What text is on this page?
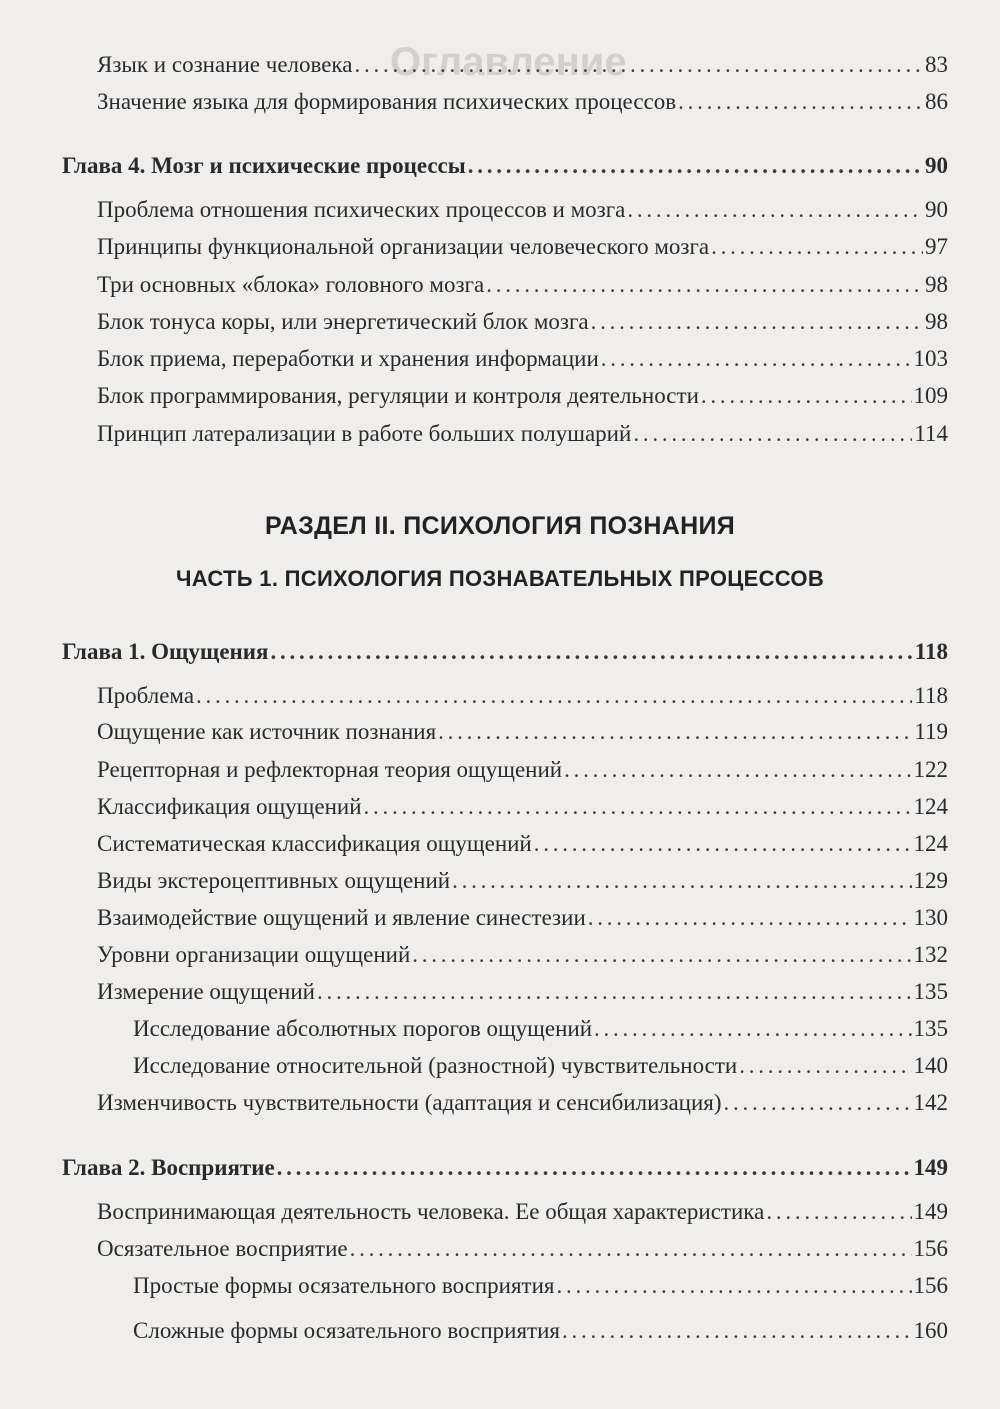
Оглавление
Язык и сознание человека . . .	83
Значение языка для формирования психических процессов . . .	86
Глава 4. Мозг и психические процессы . . .	90
Проблема отношения психических процессов и мозга . . .	90
Принципы функциональной организации человеческого мозга . . .	97
Три основных «блока» головного мозга . . .	98
Блок тонуса коры, или энергетический блок мозга . . .	98
Блок приема, переработки и хранения информации . . .	103
Блок программирования, регуляции и контроля деятельности . . .	109
Принцип латерализации в работе больших полушарий . . .	114
РАЗДЕЛ II. ПСИХОЛОГИЯ ПОЗНАНИЯ
ЧАСТЬ 1. ПСИХОЛОГИЯ ПОЗНАВАТЕЛЬНЫХ ПРОЦЕССОВ
Глава 1. Ощущения . . .	118
Проблема . . .	118
Ощущение как источник познания . . .	119
Рецепторная и рефлекторная теория ощущений . . .	122
Классификация ощущений . . .	124
Систематическая классификация ощущений . . .	124
Виды экстероцептивных ощущений . . .	129
Взаимодействие ощущений и явление синестезии . . .	130
Уровни организации ощущений . . .	132
Измерение ощущений . . .	135
Исследование абсолютных порогов ощущений . . .	135
Исследование относительной (разностной) чувствительности . . .	140
Изменчивость чувствительности (адаптация и сенсибилизация) . . .	142
Глава 2. Восприятие . . .	149
Воспринимающая деятельность человека. Ее общая характеристика . . .	149
Осязательное восприятие . . .	156
Простые формы осязательного восприятия . . .	156
Сложные формы осязательного восприятия . . .	160
